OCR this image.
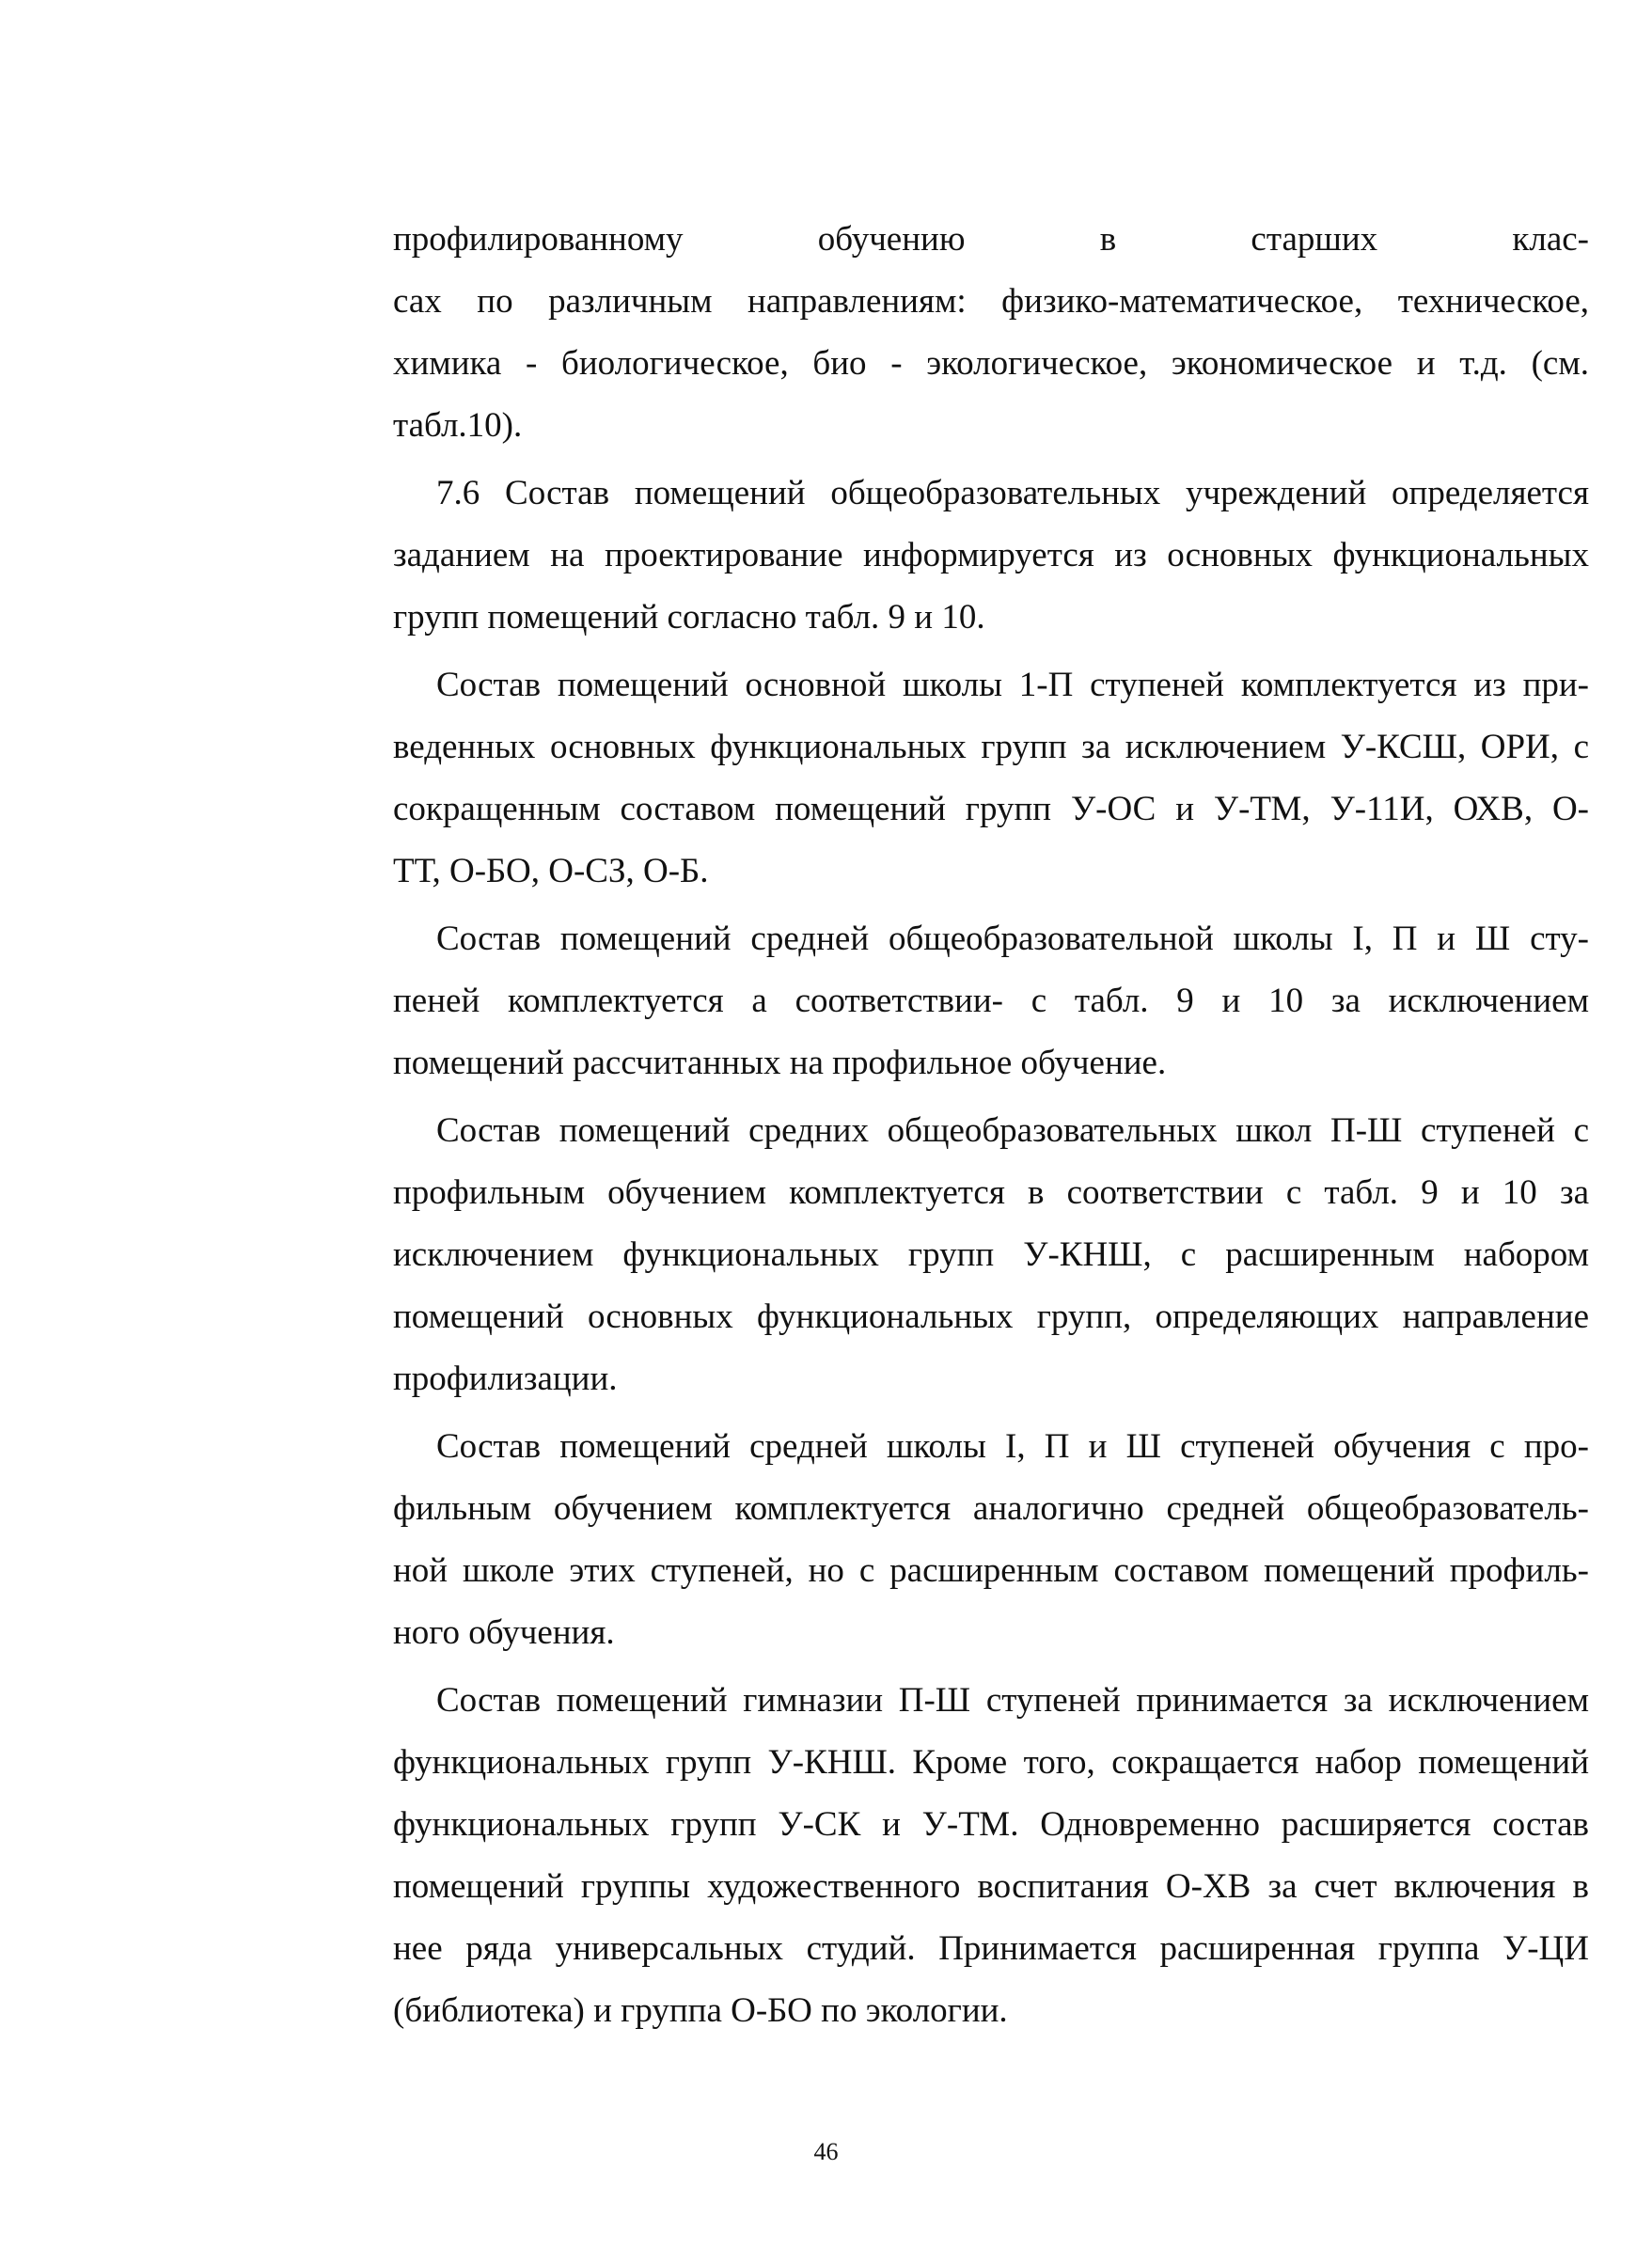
профилированному обучению в старших клас-
сах по различным направлениям: физико-математическое, техническое,
химика - биологическое, био - экологическое, экономическое и т.д. (см.
табл.10).
7.6 Состав помещений общеобразовательных учреждений определяется
заданием на проектирование информируется из основных функциональных
групп помещений согласно табл. 9 и 10.
Состав помещений основной школы 1-П ступеней комплектуется из при-
веденных основных функциональных групп за исключением У-КСШ, ОРИ, с
сокращенным составом помещений групп У-ОС и У-ТМ, У-11И, ОХВ, О-
ТТ, О-БО, О-СЗ, О-Б.
Состав помещений средней общеобразовательной школы I, П и Ш сту-
пеней комплектуется а соответствии- с табл. 9 и 10 за исключением
помещений рассчитанных на профильное обучение.
Состав помещений средних общеобразовательных школ П-Ш ступеней с
профильным обучением комплектуется в соответствии с табл. 9 и 10 за
исключением функциональных групп У-КНШ, с расширенным набором
помещений основных функциональных групп, определяющих направление
профилизации.
Состав помещений средней школы I, П и Ш ступеней обучения с про-
фильным обучением комплектуется аналогично средней общеобразователь-
ной школе этих ступеней, но с расширенным составом помещений профиль-
ного обучения.
Состав помещений гимназии П-Ш ступеней принимается за исключением
функциональных групп У-КНШ. Кроме того, сокращается набор помещений
функциональных групп У-СК и У-ТМ. Одновременно расширяется состав
помещений группы художественного воспитания О-ХВ за счет включения в
нее ряда универсальных студий. Принимается расширенная группа У-ЦИ
(библиотека) и группа О-БО по экологии.
46
